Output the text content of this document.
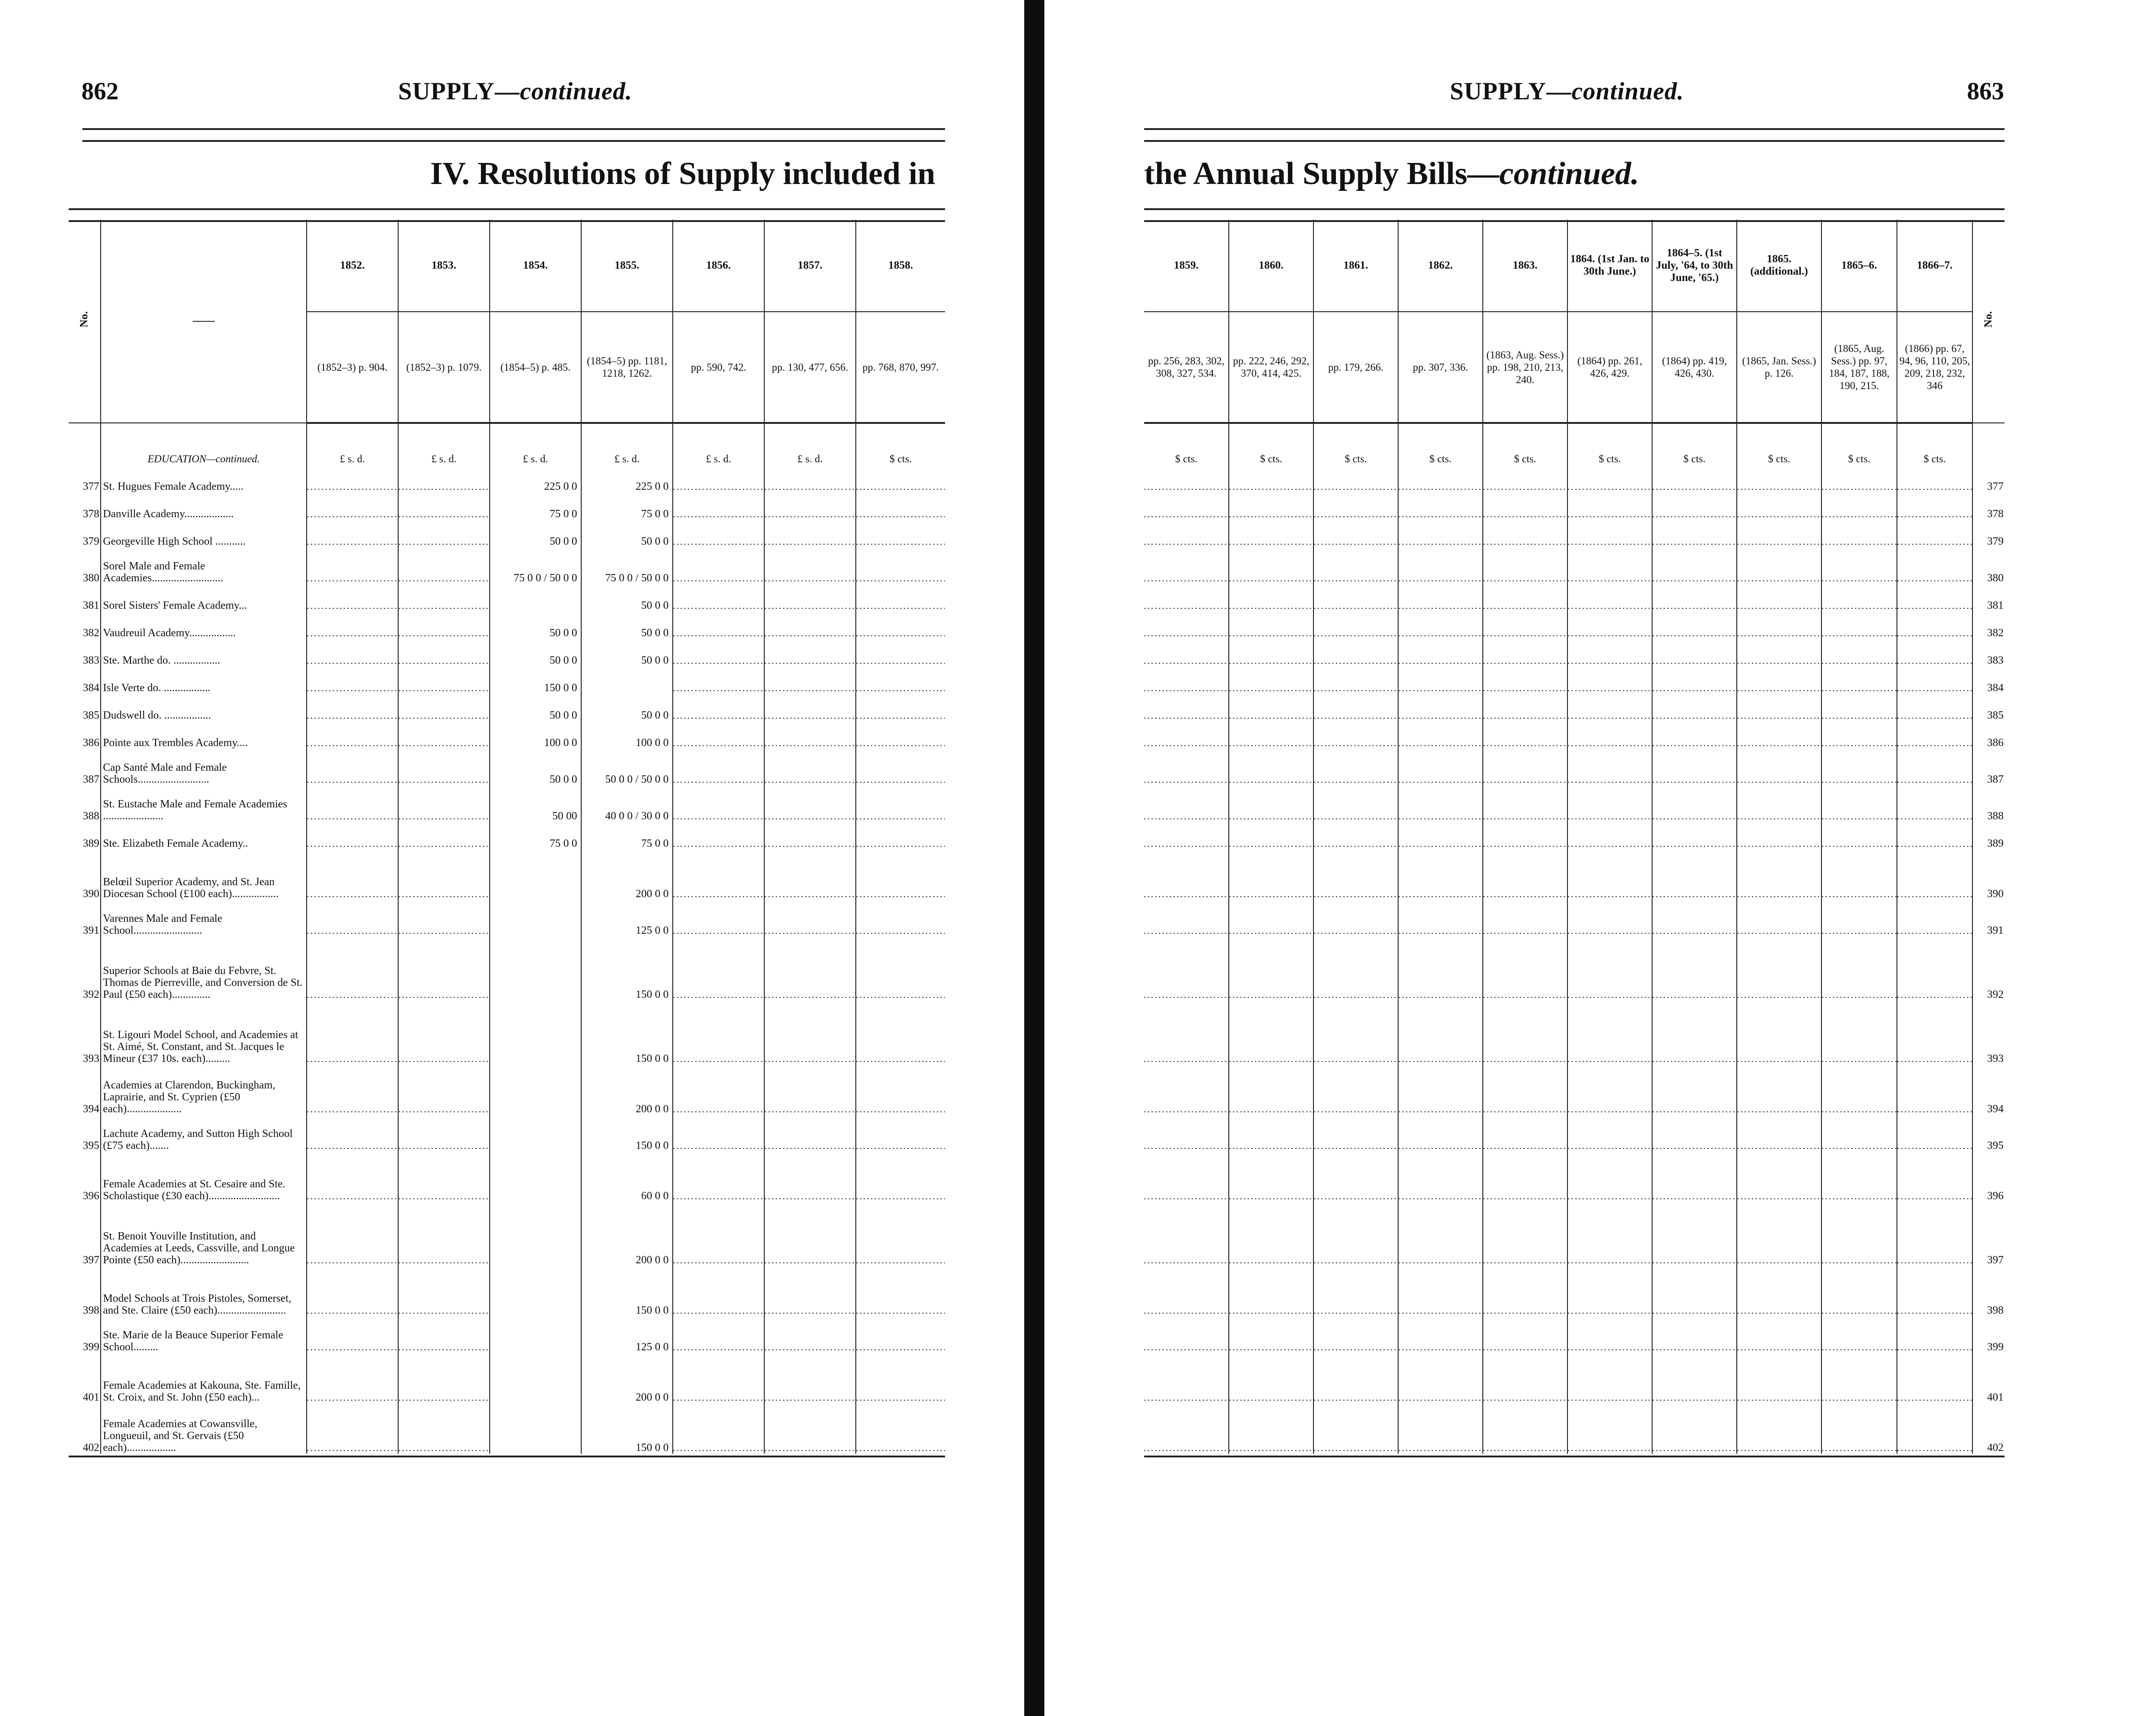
862	SUPPLY—continued.
IV. Resolutions of Supply included in
No.	——	1852.	1853.	1854.	1855.	1856.	1857.	1858.
		(1852–3) p. 904.	(1852–3) p. 1079.	(1854–5) p. 485.	(1854–5) pp. 1181, 1218, 1262.	pp. 590, 742.	pp. 130, 477, 656.	pp. 768, 870, 997.
	EDUCATION—continued.	£ s. d.	£ s. d.	£ s. d.	£ s. d.	£ s. d.	£ s. d.	$ cts.
377	St. Hugues Female Academy.....			225 0 0	225 0 0			
378	Danville Academy..................			75 0 0	75 0 0			
379	Georgeville High School ...........			50 0 0	50 0 0			
380	Sorel Male and Female Academies..........................			75 0 0 / 50 0 0	75 0 0 / 50 0 0			
381	Sorel Sisters' Female Academy...				50 0 0			
382	Vaudreuil Academy.................			50 0 0	50 0 0			
383	Ste. Marthe do. .................			50 0 0	50 0 0			
384	Isle Verte do. .................			150 0 0				
385	Dudswell do. .................			50 0 0	50 0 0			
386	Pointe aux Trembles Academy....			100 0 0	100 0 0			
387	Cap Santé Male and Female Schools..........................			50 0 0	50 0 0 / 50 0 0			
388	St. Eustache Male and Female Academies ......................			50 00	40 0 0 / 30 0 0			
389	Ste. Elizabeth Female Academy..			75 0 0	75 0 0			
390	Belœil Superior Academy, and St. Jean Diocesan School (£100 each).................				200 0 0			
391	Varennes Male and Female School.........................				125 0 0			
392	Superior Schools at Baie du Febvre, St. Thomas de Pierreville, and Conversion de St. Paul (£50 each)..............				150 0 0			
393	St. Ligouri Model School, and Academies at St. Aimé, St. Constant, and St. Jacques le Mineur (£37 10s. each).........				150 0 0			
394	Academies at Clarendon, Buckingham, Laprairie, and St. Cyprien (£50 each)....................				200 0 0			
395	Lachute Academy, and Sutton High School (£75 each).......				150 0 0			
396	Female Academies at St. Cesaire and Ste. Scholastique (£30 each)..........................				60 0 0			
397	St. Benoit Youville Institution, and Academies at Leeds, Cassville, and Longue Pointe (£50 each).........................				200 0 0			
398	Model Schools at Trois Pistoles, Somerset, and Ste. Claire (£50 each).........................				150 0 0			
399	Ste. Marie de la Beauce Superior Female School.........				125 0 0			
401	Female Academies at Kakouna, Ste. Famille, St. Croix, and St. John (£50 each)...				200 0 0			
402	Female Academies at Cowansville, Longueuil, and St. Gervais (£50 each)..................				150 0 0			
863
SUPPLY—continued.
the Annual Supply Bills—continued.
1859.	1860.	1861.	1862.	1863.	1864. (1st Jan. to 30th June.)	1864–5. (1st July, '64, to 30th June, '65.)	1865. (additional.)	1865–6.	1866–7.	No.
pp. 256, 283, 302, 308, 327, 534.	pp. 222, 246, 292, 370, 414, 425.	pp. 179, 266.	pp. 307, 336.	(1863, Aug. Sess.) pp. 198, 210, 213, 240.	(1864) pp. 261, 426, 429.	(1864) pp. 419, 426, 430.	(1865, Jan. Sess.) p. 126.	(1865, Aug. Sess.) pp. 97, 184, 187, 188, 190, 215.	(1866) pp. 67, 94, 96, 110, 205, 209, 218, 232, 346	
$ cts.	$ cts.	$ cts.	$ cts.	$ cts.	$ cts.	$ cts.	$ cts.	$ cts.	$ cts.	
										377
										378
										379
										380
										381
										382
										383
										384
										385
										386
										387
										388
										389
										390
										391
										392
										393
										394
										395
										396
										397
										398
										399
										401
										402
